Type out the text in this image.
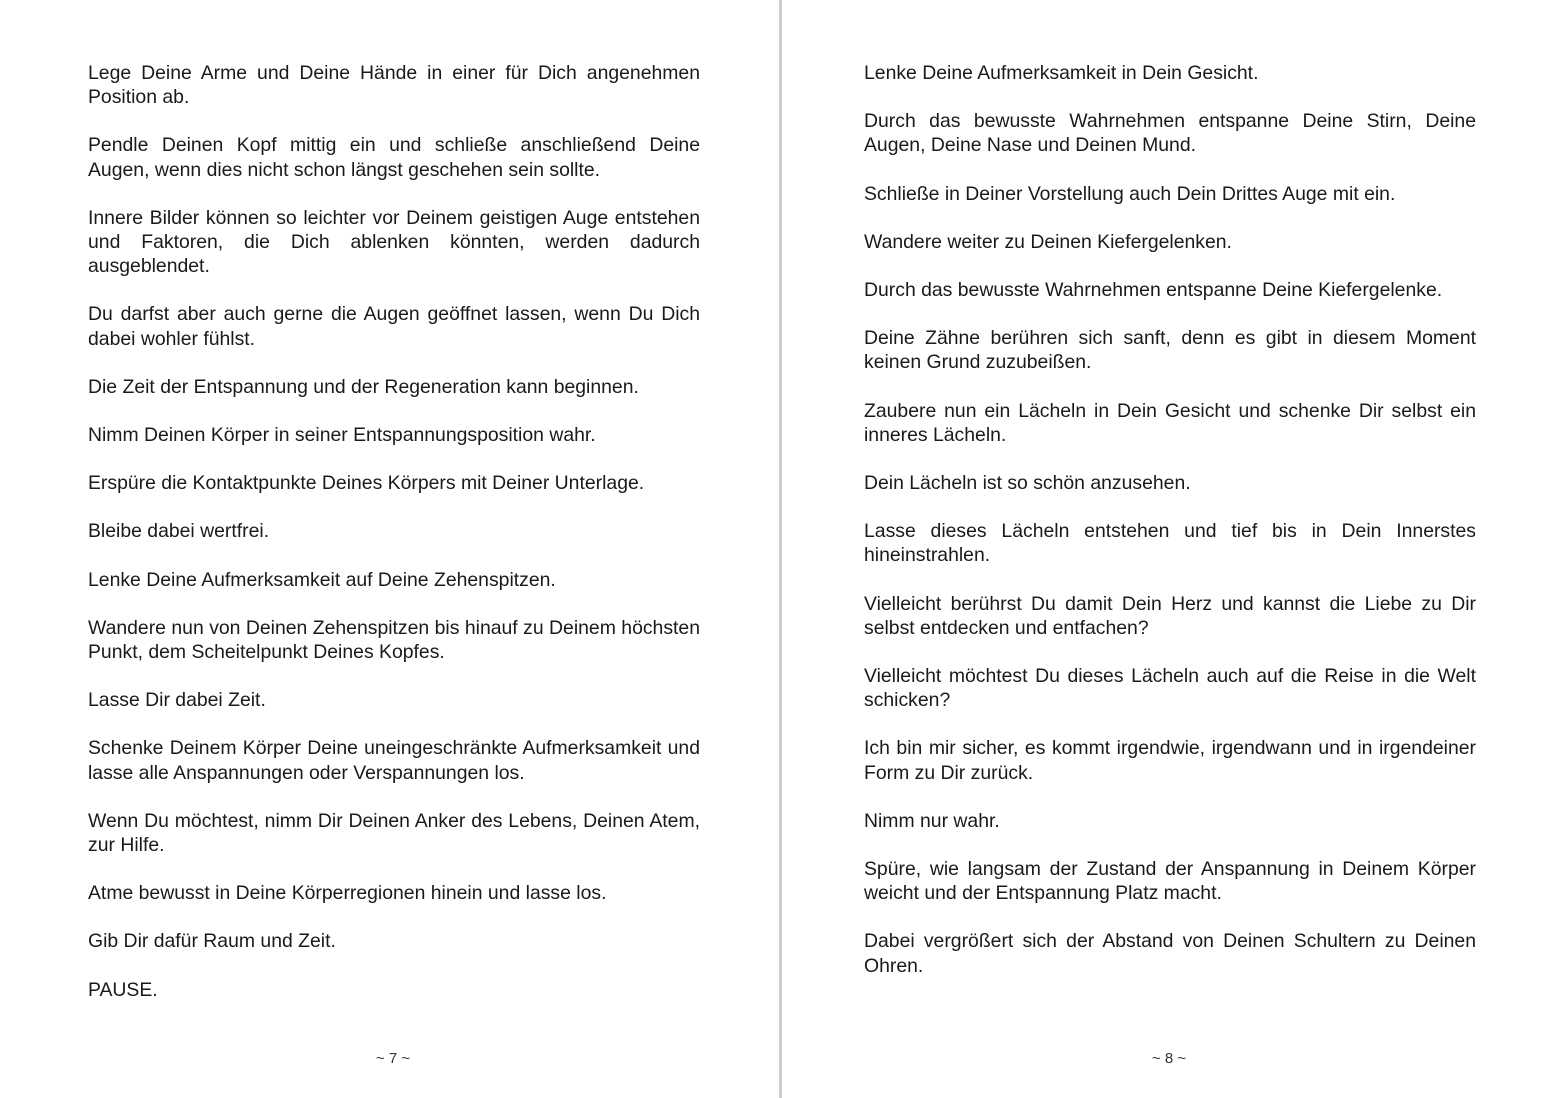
Lege Deine Arme und Deine Hände in einer für Dich angenehmen Position ab.

Pendle Deinen Kopf mittig ein und schließe anschließend Deine Augen, wenn dies nicht schon längst geschehen sein sollte.

Innere Bilder können so leichter vor Deinem geistigen Auge entstehen und Faktoren, die Dich ablenken könnten, werden dadurch ausgeblendet.

Du darfst aber auch gerne die Augen geöffnet lassen, wenn Du Dich dabei wohler fühlst.

Die Zeit der Entspannung und der Regeneration kann beginnen.

Nimm Deinen Körper in seiner Entspannungsposition wahr.

Erspüre die Kontaktpunkte Deines Körpers mit Deiner Unterlage.

Bleibe dabei wertfrei.

Lenke Deine Aufmerksamkeit auf Deine Zehenspitzen.

Wandere nun von Deinen Zehenspitzen bis hinauf zu Deinem höchsten Punkt, dem Scheitelpunkt Deines Kopfes.

Lasse Dir dabei Zeit.

Schenke Deinem Körper Deine uneingeschränkte Aufmerksamkeit und lasse alle Anspannungen oder Verspannungen los.

Wenn Du möchtest, nimm Dir Deinen Anker des Lebens, Deinen Atem, zur Hilfe.

Atme bewusst in Deine Körperregionen hinein und lasse los.

Gib Dir dafür Raum und Zeit.

PAUSE.

~ 7 ~

Lenke Deine Aufmerksamkeit in Dein Gesicht.

Durch das bewusste Wahrnehmen entspanne Deine Stirn, Deine Augen, Deine Nase und Deinen Mund.

Schließe in Deiner Vorstellung auch Dein Drittes Auge mit ein.

Wandere weiter zu Deinen Kiefergelenken.

Durch das bewusste Wahrnehmen entspanne Deine Kiefergelenke.

Deine Zähne berühren sich sanft, denn es gibt in diesem Moment keinen Grund zuzubeißen.

Zaubere nun ein Lächeln in Dein Gesicht und schenke Dir selbst ein inneres Lächeln.

Dein Lächeln ist so schön anzusehen.

Lasse dieses Lächeln entstehen und tief bis in Dein Innerstes hineinstrahlen.

Vielleicht berührst Du damit Dein Herz und kannst die Liebe zu Dir selbst entdecken und entfachen?

Vielleicht möchtest Du dieses Lächeln auch auf die Reise in die Welt schicken?

Ich bin mir sicher, es kommt irgendwie, irgendwann und in irgendeiner Form zu Dir zurück.

Nimm nur wahr.

Spüre, wie langsam der Zustand der Anspannung in Deinem Körper weicht und der Entspannung Platz macht.

Dabei vergrößert sich der Abstand von Deinen Schultern zu Deinen Ohren.

~ 8 ~
